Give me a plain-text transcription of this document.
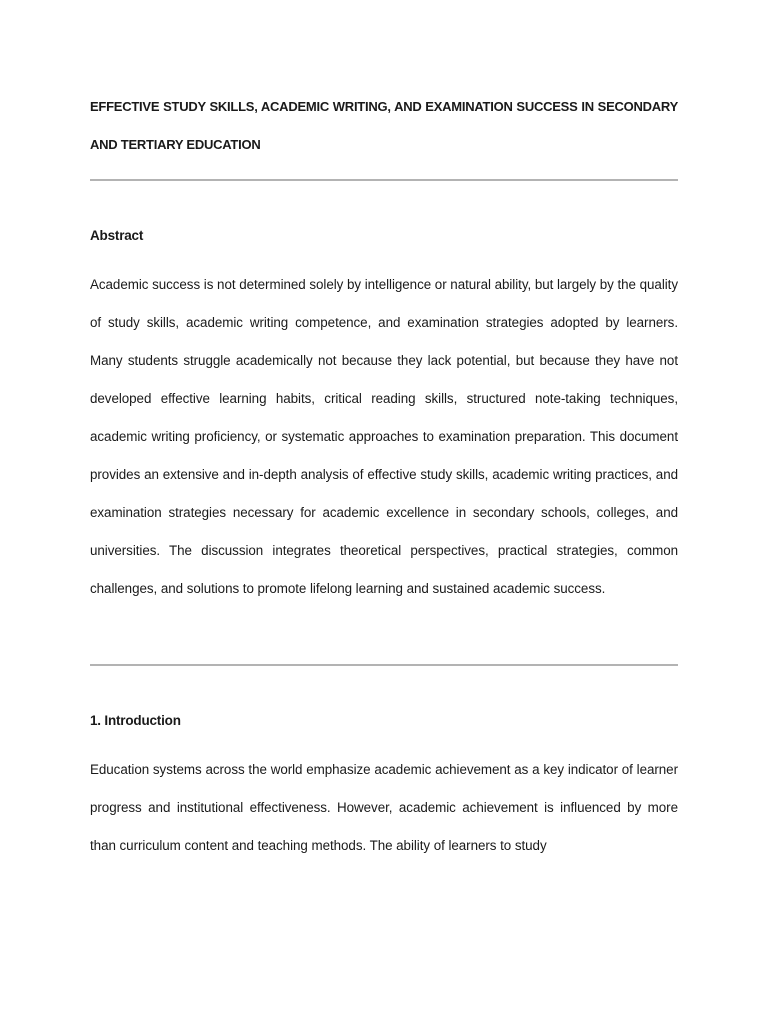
EFFECTIVE STUDY SKILLS, ACADEMIC WRITING, AND EXAMINATION SUCCESS IN SECONDARY AND TERTIARY EDUCATION
Abstract

Academic success is not determined solely by intelligence or natural ability, but largely by the quality of study skills, academic writing competence, and examination strategies adopted by learners. Many students struggle academically not because they lack potential, but because they have not developed effective learning habits, critical reading skills, structured note-taking techniques, academic writing proficiency, or systematic approaches to examination preparation. This document provides an extensive and in-depth analysis of effective study skills, academic writing practices, and examination strategies necessary for academic excellence in secondary schools, colleges, and universities. The discussion integrates theoretical perspectives, practical strategies, common challenges, and solutions to promote lifelong learning and sustained academic success.

1. Introduction

Education systems across the world emphasize academic achievement as a key indicator of learner progress and institutional effectiveness. However, academic achievement is influenced by more than curriculum content and teaching methods. The ability of learners to study
